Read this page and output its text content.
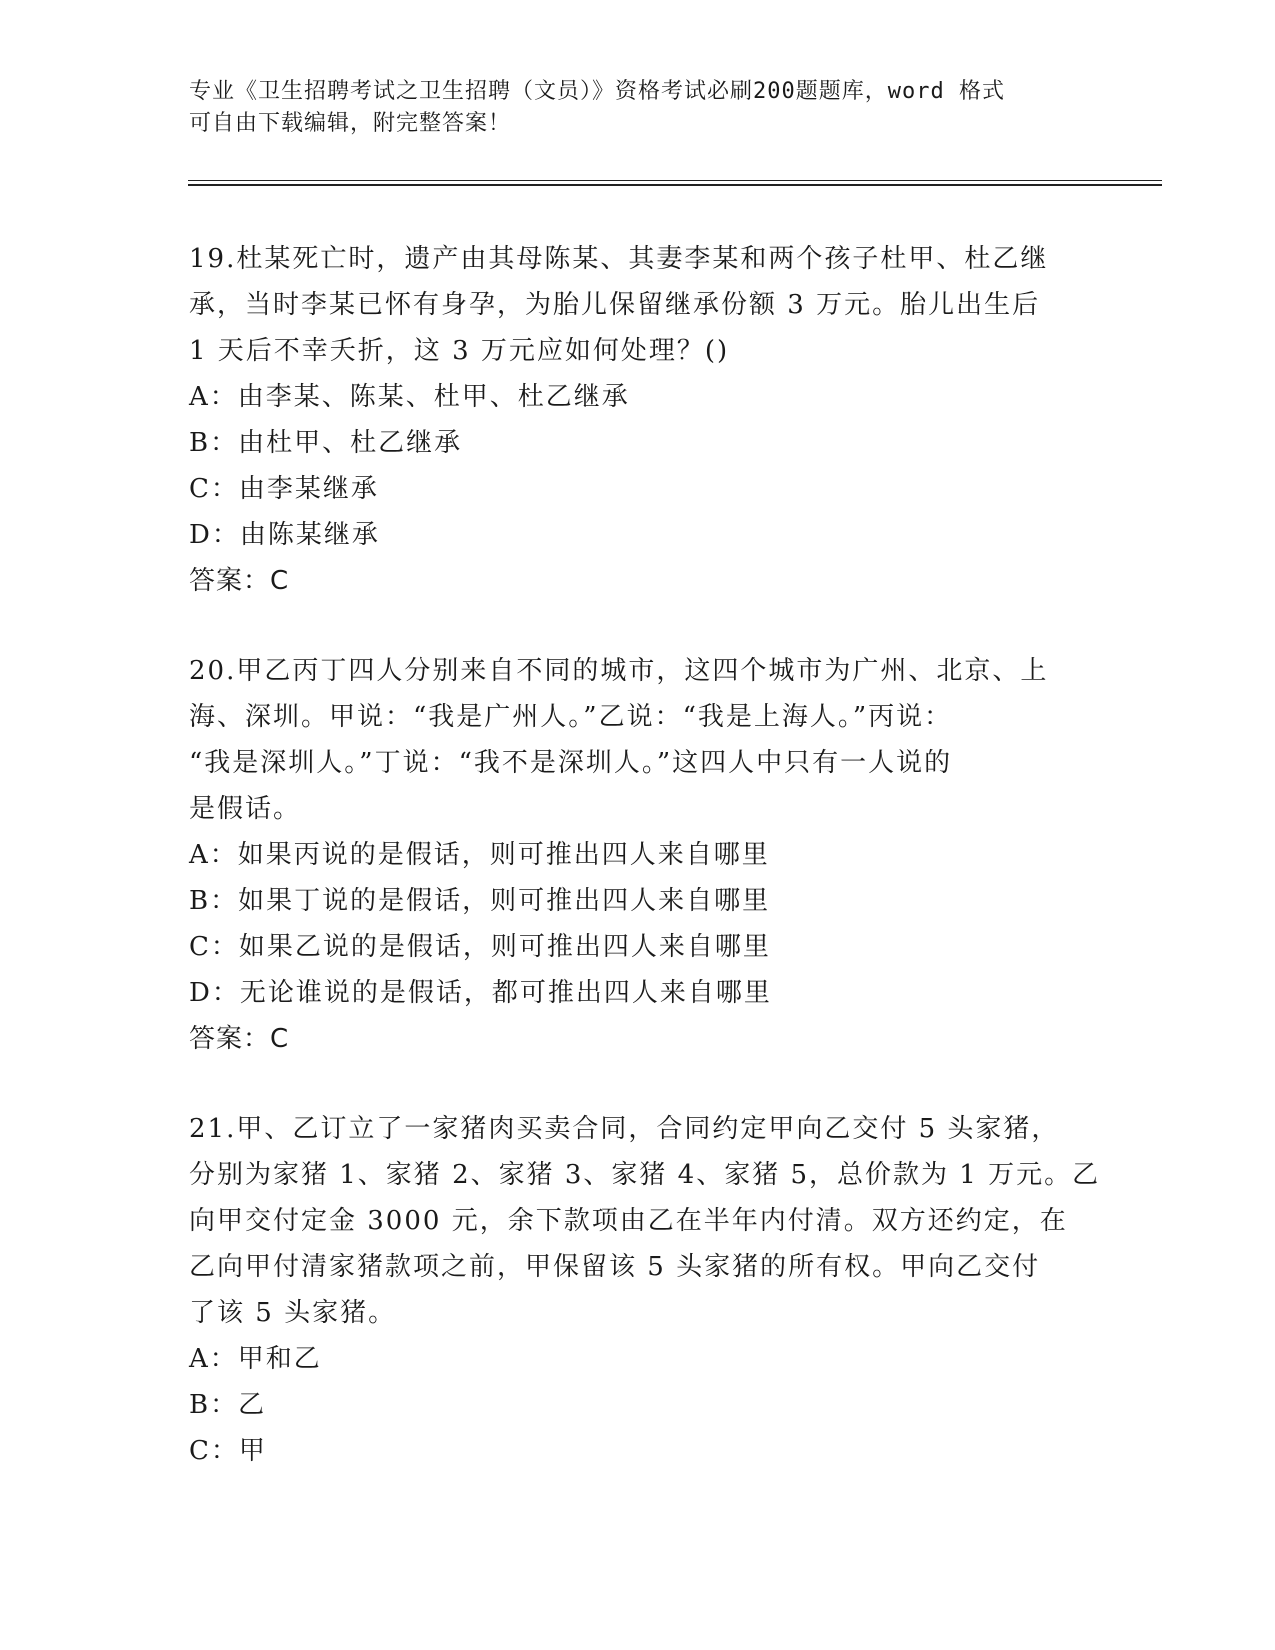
专业《卫生招聘考试之卫生招聘（文员）》资格考试必刷200题题库，word 格式
可自由下载编辑，附完整答案！
19.杜某死亡时，遗产由其母陈某、其妻李某和两个孩子杜甲、杜乙继
承，当时李某已怀有身孕，为胎儿保留继承份额 3 万元。胎儿出生后
1 天后不幸夭折，这 3 万元应如何处理？()
A：由李某、陈某、杜甲、杜乙继承
B：由杜甲、杜乙继承
C：由李某继承
D：由陈某继承
答案：C
20.甲乙丙丁四人分别来自不同的城市，这四个城市为广州、北京、上
海、深圳。甲说：“我是广州人。”乙说：“我是上海人。”丙说：
“我是深圳人。”丁说：“我不是深圳人。”这四人中只有一人说的
是假话。
A：如果丙说的是假话，则可推出四人来自哪里
B：如果丁说的是假话，则可推出四人来自哪里
C：如果乙说的是假话，则可推出四人来自哪里
D：无论谁说的是假话，都可推出四人来自哪里
答案：C
21.甲、乙订立了一家猪肉买卖合同，合同约定甲向乙交付 5 头家猪，
分别为家猪 1、家猪 2、家猪 3、家猪 4、家猪 5，总价款为 1 万元。乙
向甲交付定金 3000 元，余下款项由乙在半年内付清。双方还约定，在
乙向甲付清家猪款项之前，甲保留该 5 头家猪的所有权。甲向乙交付
了该 5 头家猪。
A：甲和乙
B：乙
C：甲
